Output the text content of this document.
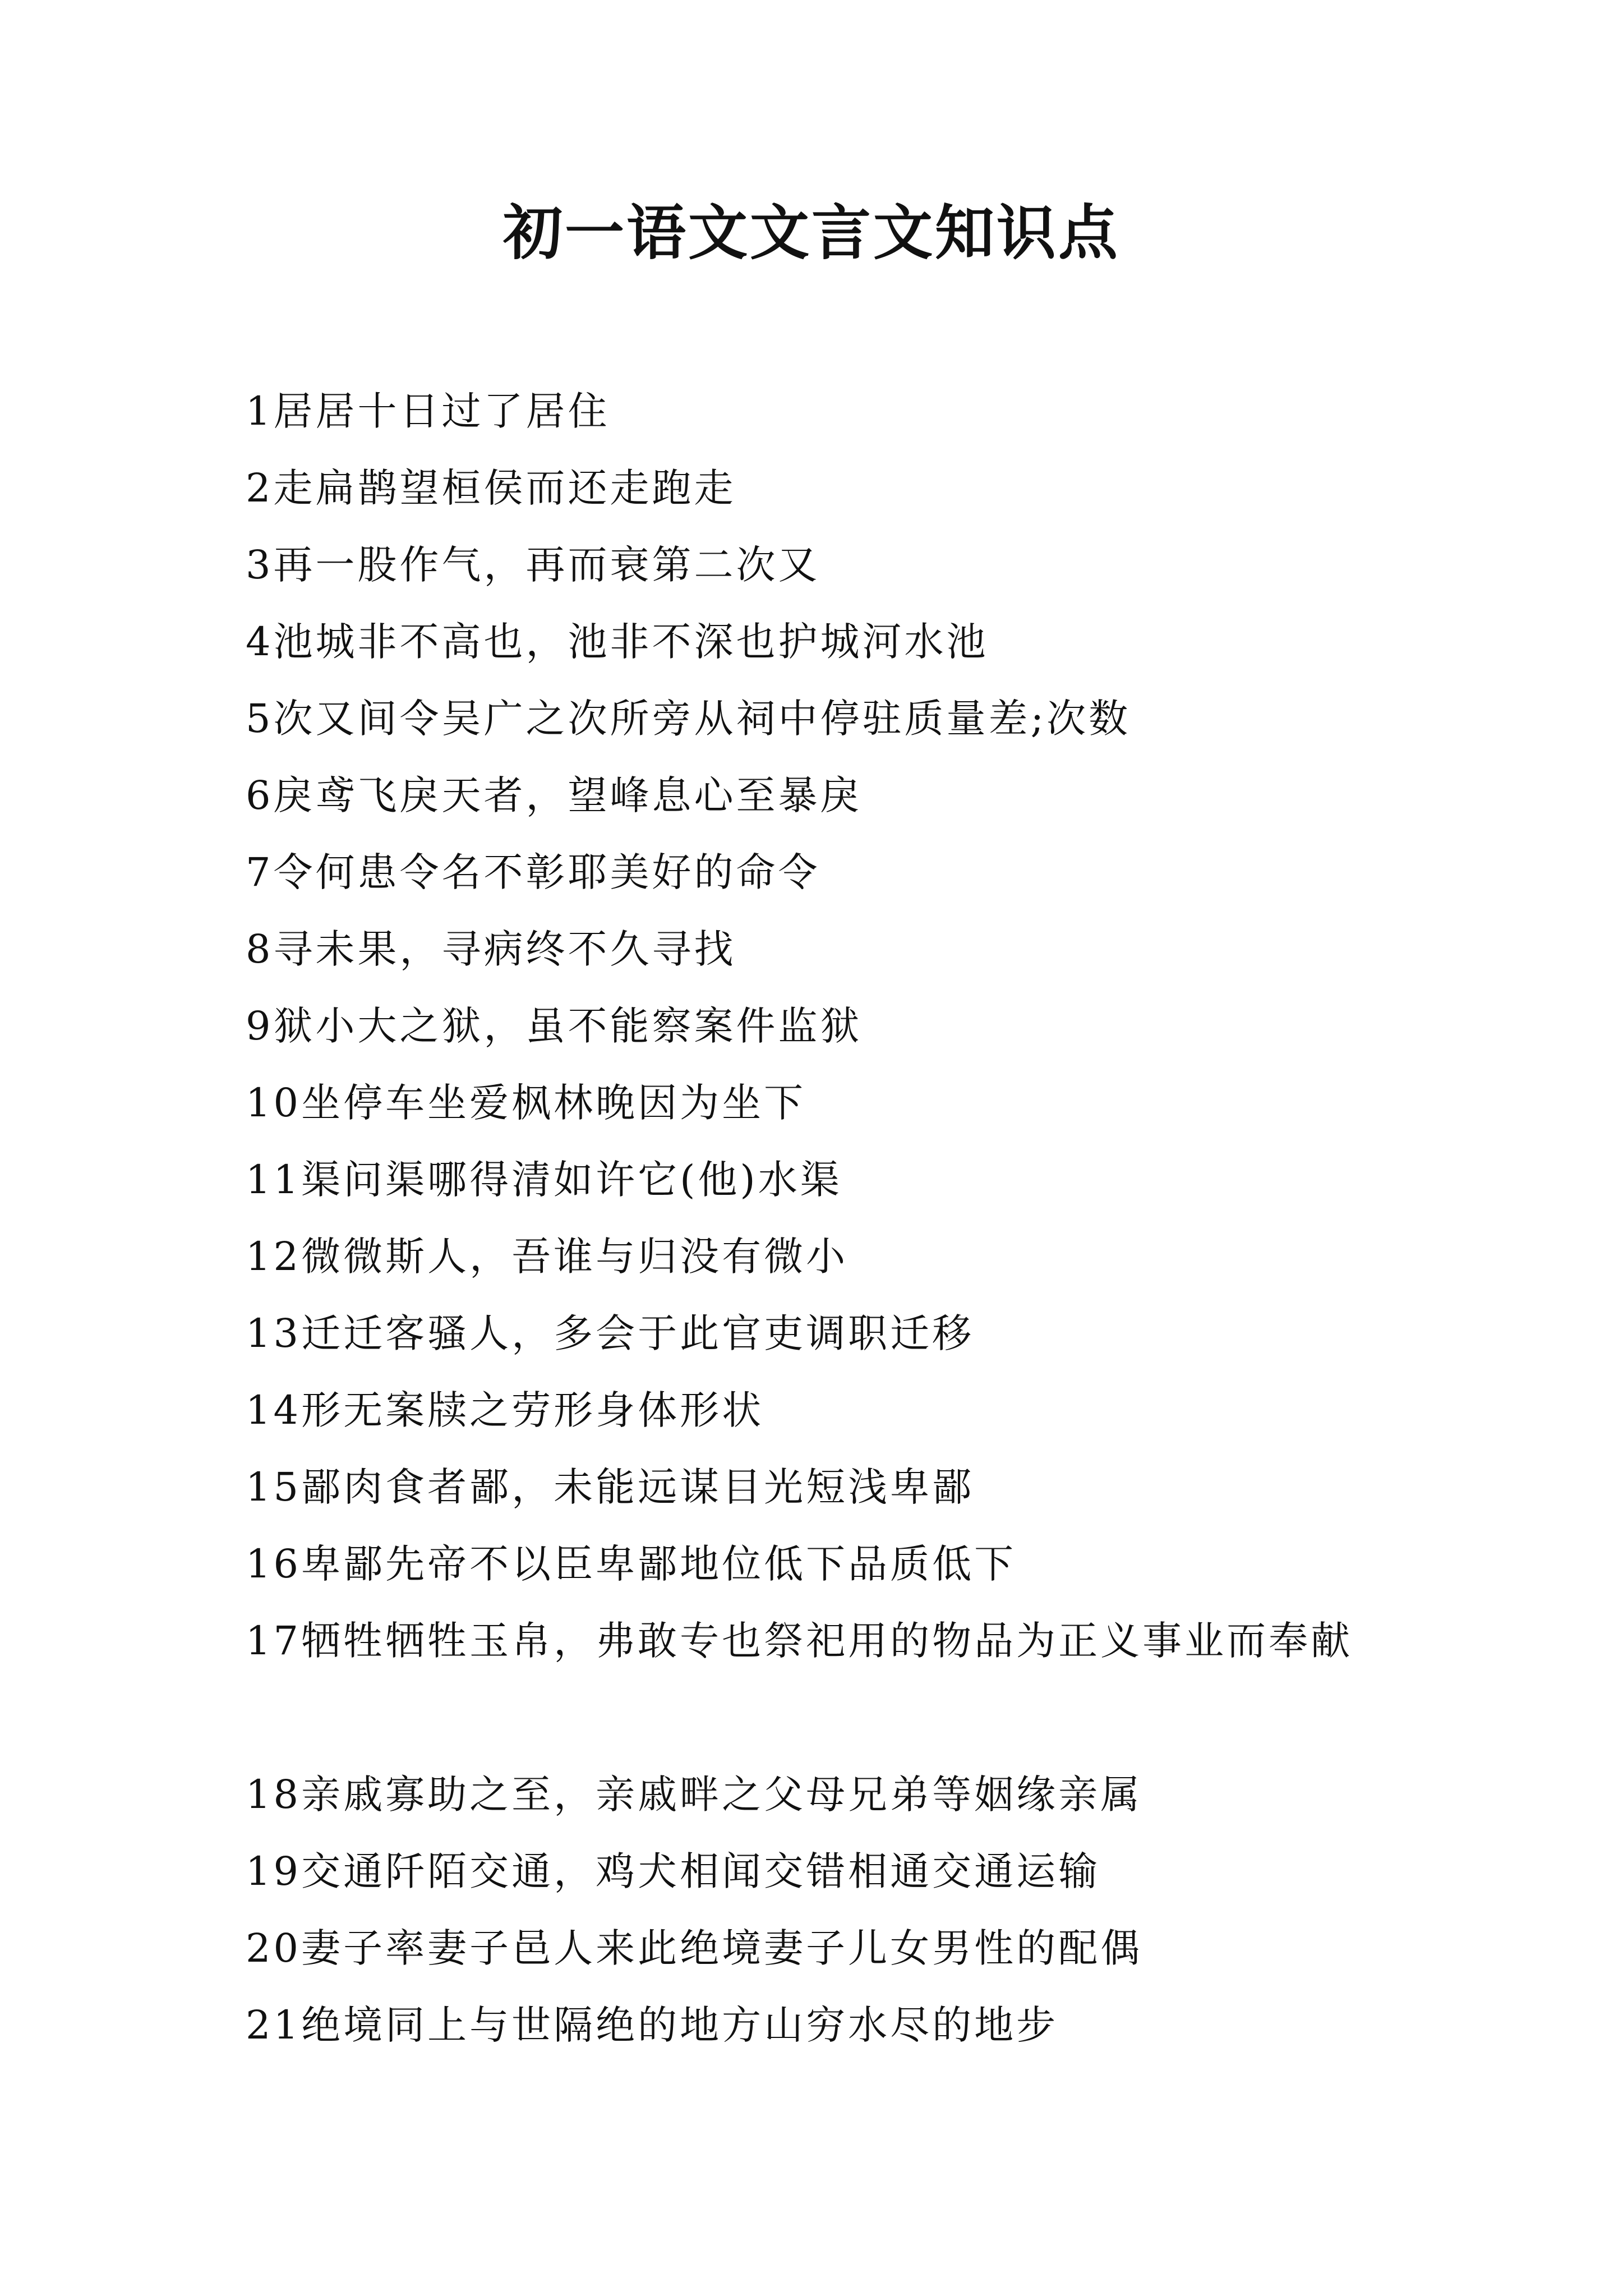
初一语文文言文知识点
1居居十日过了居住
2走扁鹊望桓侯而还走跑走
3再一股作气，再而衰第二次又
4池城非不高也，池非不深也护城河水池
5次又间令吴广之次所旁从祠中停驻质量差;次数
6戾鸢飞戾天者，望峰息心至暴戾
7令何患令名不彰耶美好的命令
8寻未果，寻病终不久寻找
9狱小大之狱，虽不能察案件监狱
10坐停车坐爱枫林晚因为坐下
11渠问渠哪得清如许它(他)水渠
12微微斯人，吾谁与归没有微小
13迁迁客骚人，多会于此官吏调职迁移
14形无案牍之劳形身体形状
15鄙肉食者鄙，未能远谋目光短浅卑鄙
16卑鄙先帝不以臣卑鄙地位低下品质低下
17牺牲牺牲玉帛，弗敢专也祭祀用的物品为正义事业而奉献
18亲戚寡助之至，亲戚畔之父母兄弟等姻缘亲属
19交通阡陌交通，鸡犬相闻交错相通交通运输
20妻子率妻子邑人来此绝境妻子儿女男性的配偶
21绝境同上与世隔绝的地方山穷水尽的地步
